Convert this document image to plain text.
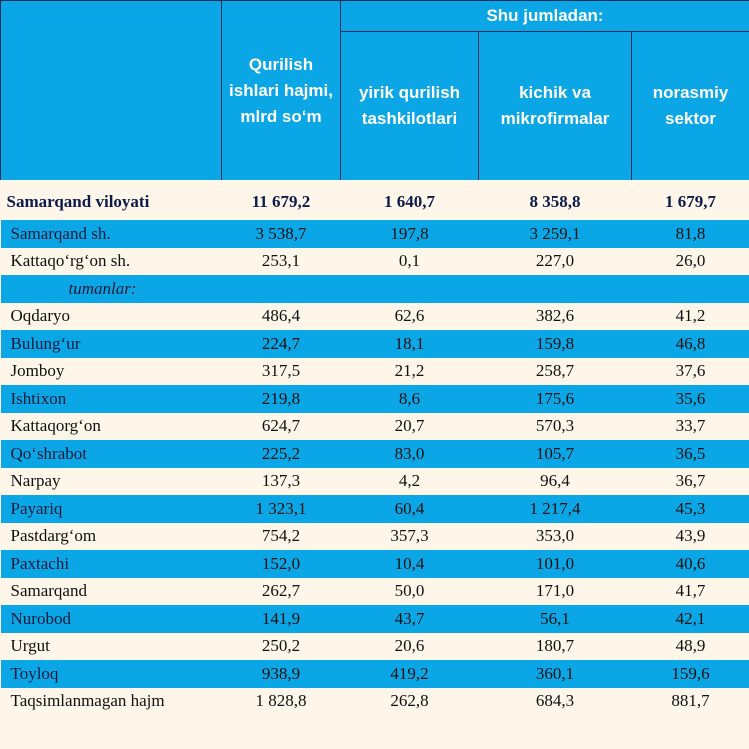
	Qurilish ishlari hajmi, mlrd so‘m	Shu jumladan:		
		yirik qurilish tashkilotlari	kichik va mikrofirmalar	norasmiy sektor
Samarqand viloyati	11 679,2	1 640,7	8 358,8	1 679,7
Samarqand sh.	3 538,7	197,8	3 259,1	81,8
Kattaqo‘rg‘on sh.	253,1	0,1	227,0	26,0
tumanlar:				
Oqdaryo	486,4	62,6	382,6	41,2
Bulung‘ur	224,7	18,1	159,8	46,8
Jomboy	317,5	21,2	258,7	37,6
Ishtixon	219,8	8,6	175,6	35,6
Kattaqorg‘on	624,7	20,7	570,3	33,7
Qo‘shrabot	225,2	83,0	105,7	36,5
Narpay	137,3	4,2	96,4	36,7
Payariq	1 323,1	60,4	1 217,4	45,3
Pastdarg‘om	754,2	357,3	353,0	43,9
Paxtachi	152,0	10,4	101,0	40,6
Samarqand	262,7	50,0	171,0	41,7
Nurobod	141,9	43,7	56,1	42,1
Urgut	250,2	20,6	180,7	48,9
Toyloq	938,9	419,2	360,1	159,6
Taqsimlanmagan hajm	1 828,8	262,8	684,3	881,7
